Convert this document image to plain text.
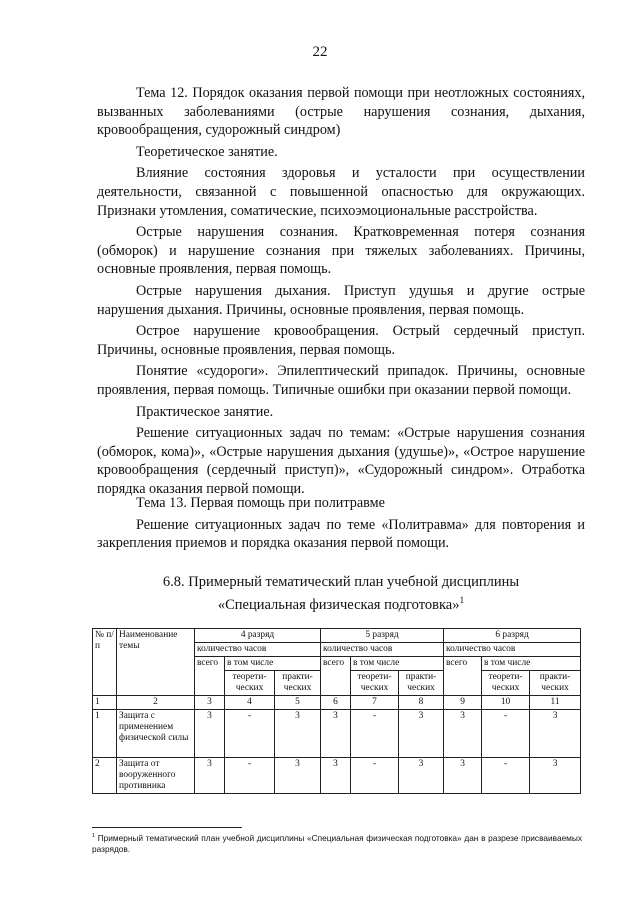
22

Тема 12. Порядок оказания первой помощи при неотложных состояниях, вызванных заболеваниями (острые нарушения сознания, дыхания, кровообращения, судорожный синдром)

Теоретическое занятие.

Влияние состояния здоровья и усталости при осуществлении деятельности, связанной с повышенной опасностью для окружающих. Признаки утомления, соматические, психоэмоциональные расстройства.

Острые нарушения сознания. Кратковременная потеря сознания (обморок) и нарушение сознания при тяжелых заболеваниях. Причины, основные проявления, первая помощь.

Острые нарушения дыхания. Приступ удушья и другие острые нарушения дыхания. Причины, основные проявления, первая помощь.

Острое нарушение кровообращения. Острый сердечный приступ. Причины, основные проявления, первая помощь.

Понятие «судороги». Эпилептический припадок. Причины, основные проявления, первая помощь. Типичные ошибки при оказании первой помощи.

Практическое занятие.

Решение ситуационных задач по темам: «Острые нарушения сознания (обморок, кома)», «Острые нарушения дыхания (удушье)», «Острое нарушение кровообращения (сердечный приступ)», «Судорожный синдром». Отработка порядка оказания первой помощи.

Тема 13. Первая помощь при политравме

Решение ситуационных задач по теме «Политравма» для повторения и закрепления приемов и порядка оказания первой помощи.

6.8. Примерный тематический план учебной дисциплины
«Специальная физическая подготовка»$^1$
№ п/п	Наименование темы	4 разряд			5 разряд			6 разряд		
		количество часов			количество часов			количество часов		
		всего	в том числе		всего	в том числе		всего	в том числе	
			теорети-ческих	практи-ческих		теорети-ческих	практи-ческих		теорети-ческих	практи-ческих
1	2	3	4	5	6	7	8	9	10	11
1	Защита с применением физической силы	3	-	3	3	-	3	3	-	3
2	Защита от вооруженного противника	3	-	3	3	-	3	3	-	3
$^1$ Примерный тематический план учебной дисциплины «Специальная физическая подготовка» дан в разрезе присваиваемых разрядов.
